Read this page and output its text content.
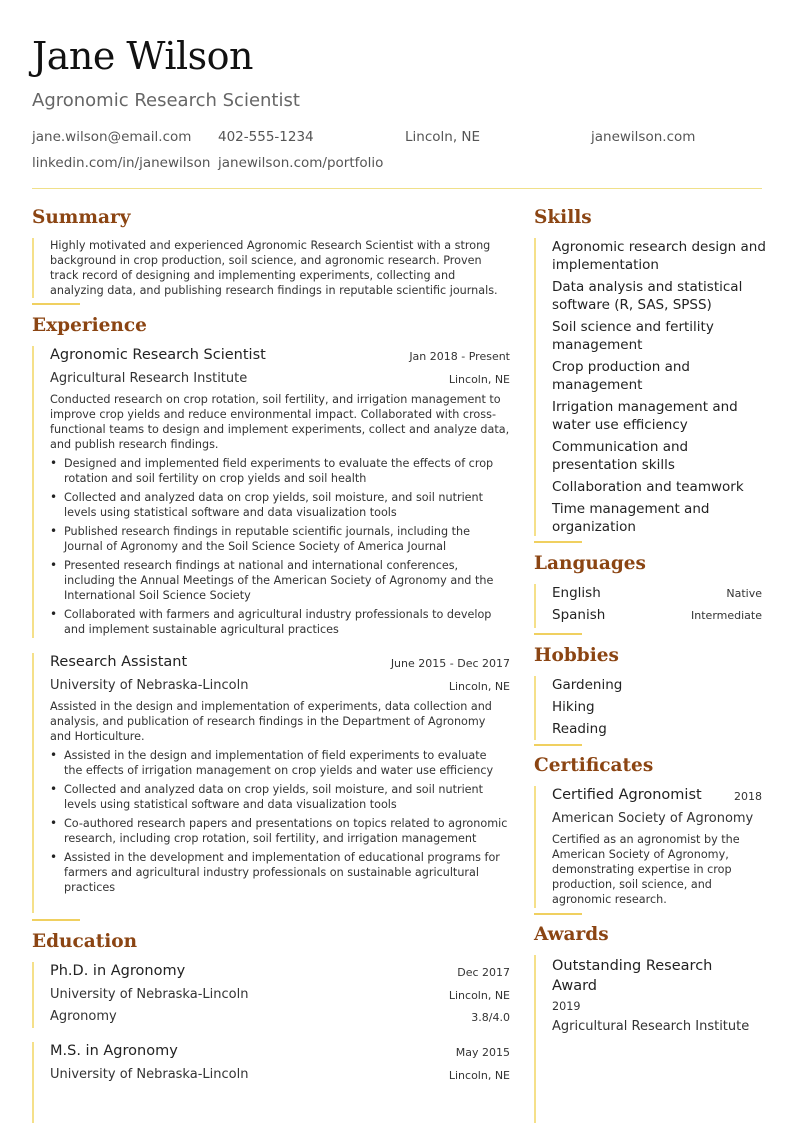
Jane Wilson
Agronomic Research Scientist
jane.wilson@email.com 402-555-1234	Lincoln, NE	janewilson.com
linkedin.com/in/janewilson janewilson.com/portfolio
Summary
Highly motivated and experienced Agronomic Research Scientist with a strong background in crop production, soil science, and agronomic research. Proven track record of designing and implementing experiments, collecting and analyzing data, and publishing research findings in reputable scientific journals.
Experience
Agronomic Research Scientist	Jan 2018 - Present
Agricultural Research Institute	Lincoln, NE
Conducted research on crop rotation, soil fertility, and irrigation management to improve crop yields and reduce environmental impact. Collaborated with cross-functional teams to design and implement experiments, collect and analyze data, and publish research findings.
• Designed and implemented field experiments to evaluate the effects of crop rotation and soil fertility on crop yields and soil health
• Collected and analyzed data on crop yields, soil moisture, and soil nutrient levels using statistical software and data visualization tools
• Published research findings in reputable scientific journals, including the Journal of Agronomy and the Soil Science Society of America Journal
• Presented research findings at national and international conferences, including the Annual Meetings of the American Society of Agronomy and the International Soil Science Society
• Collaborated with farmers and agricultural industry professionals to develop and implement sustainable agricultural practices
Research Assistant	June 2015 - Dec 2017
University of Nebraska-Lincoln	Lincoln, NE
Assisted in the design and implementation of experiments, data collection and analysis, and publication of research findings in the Department of Agronomy and Horticulture.
• Assisted in the design and implementation of field experiments to evaluate the effects of irrigation management on crop yields and water use efficiency
• Collected and analyzed data on crop yields, soil moisture, and soil nutrient levels using statistical software and data visualization tools
• Co-authored research papers and presentations on topics related to agronomic research, including crop rotation, soil fertility, and irrigation management
• Assisted in the development and implementation of educational programs for farmers and agricultural industry professionals on sustainable agricultural practices
Education
Ph.D. in Agronomy	Dec 2017
University of Nebraska-Lincoln	Lincoln, NE
Agronomy	3.8/4.0
M.S. in Agronomy	May 2015
University of Nebraska-Lincoln	Lincoln, NE
Skills
Agronomic research design and implementation
Data analysis and statistical software (R, SAS, SPSS)
Soil science and fertility management
Crop production and management
Irrigation management and water use efficiency
Communication and presentation skills
Collaboration and teamwork
Time management and organization
Languages
English	Native
Spanish	Intermediate
Hobbies
Gardening
Hiking
Reading
Certificates
Certified Agronomist	2018
American Society of Agronomy
Certified as an agronomist by the American Society of Agronomy, demonstrating expertise in crop production, soil science, and agronomic research.
Awards
Outstanding Research Award
2019
Agricultural Research Institute
